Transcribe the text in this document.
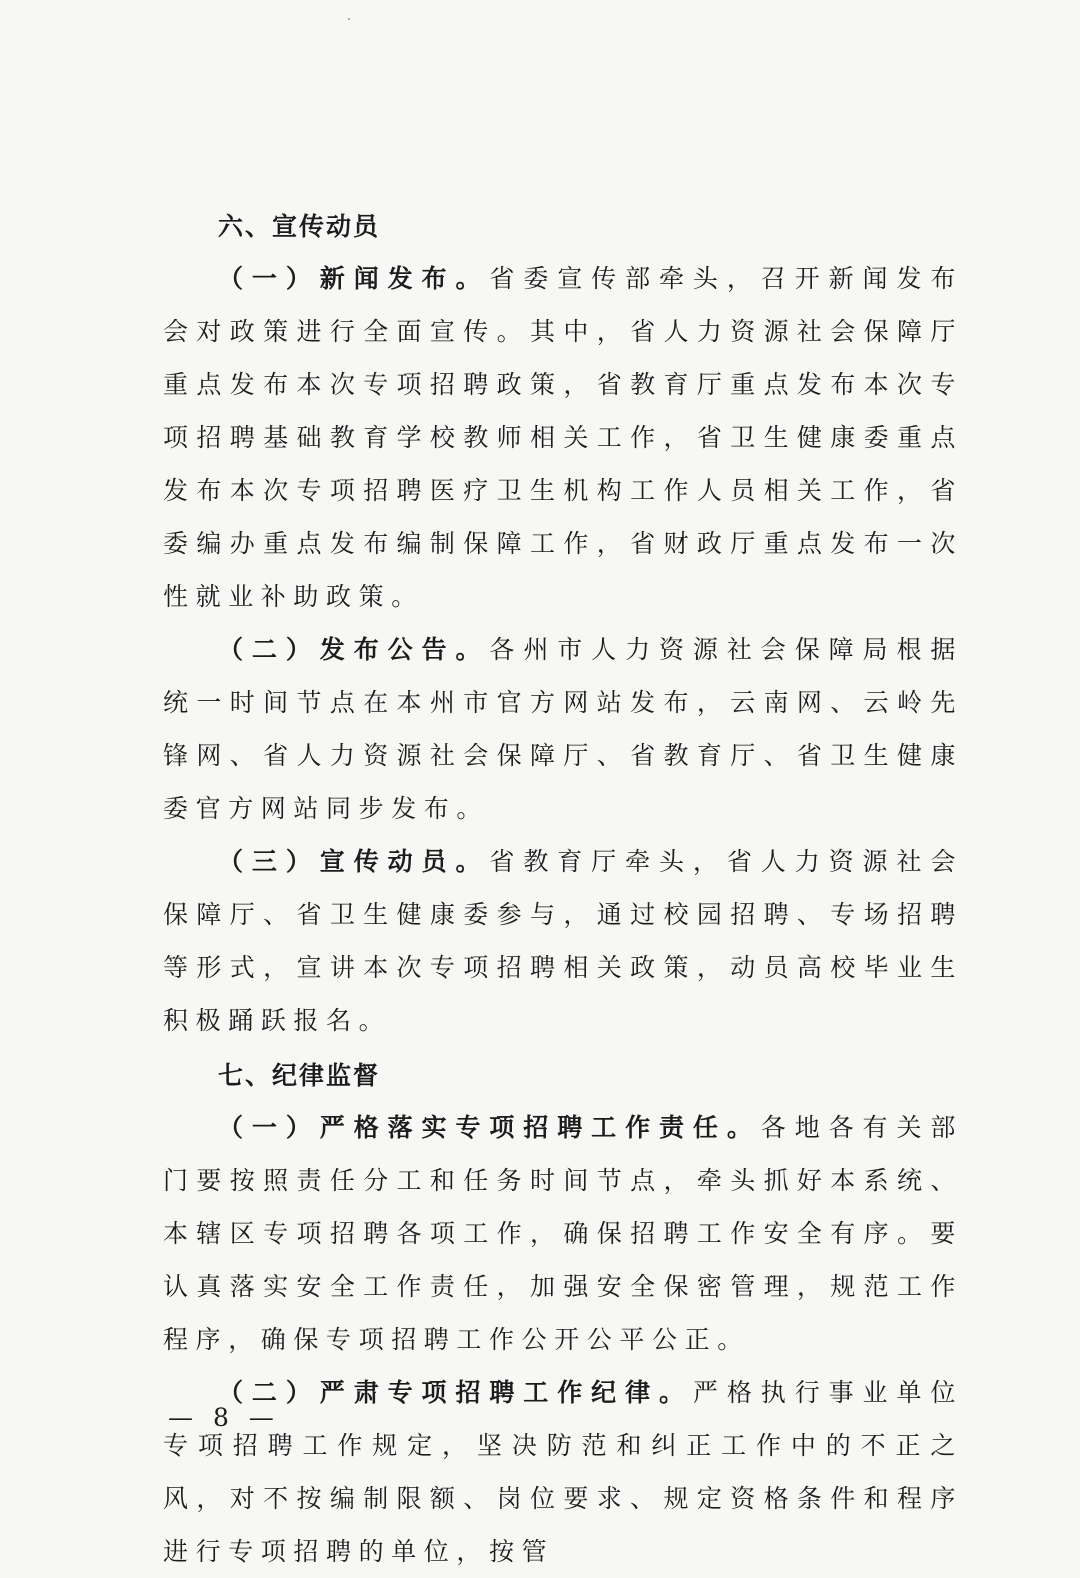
六、宣传动员

（一）新闻发布。省委宣传部牵头，召开新闻发布会对政策进行全面宣传。其中，省人力资源社会保障厅重点发布本次专项招聘政策，省教育厅重点发布本次专项招聘基础教育学校教师相关工作，省卫生健康委重点发布本次专项招聘医疗卫生机构工作人员相关工作，省委编办重点发布编制保障工作，省财政厅重点发布一次性就业补助政策。

（二）发布公告。各州市人力资源社会保障局根据统一时间节点在本州市官方网站发布，云南网、云岭先锋网、省人力资源社会保障厅、省教育厅、省卫生健康委官方网站同步发布。

（三）宣传动员。省教育厅牵头，省人力资源社会保障厅、省卫生健康委参与，通过校园招聘、专场招聘等形式，宣讲本次专项招聘相关政策，动员高校毕业生积极踊跃报名。

七、纪律监督

（一）严格落实专项招聘工作责任。各地各有关部门要按照责任分工和任务时间节点，牵头抓好本系统、本辖区专项招聘各项工作，确保招聘工作安全有序。要认真落实安全工作责任，加强安全保密管理，规范工作程序，确保专项招聘工作公开公平公正。

（二）严肃专项招聘工作纪律。严格执行事业单位专项招聘工作规定，坚决防范和纠正工作中的不正之风，对不按编制限额、岗位要求、规定资格条件和程序进行专项招聘的单位，按管

— 8 —
